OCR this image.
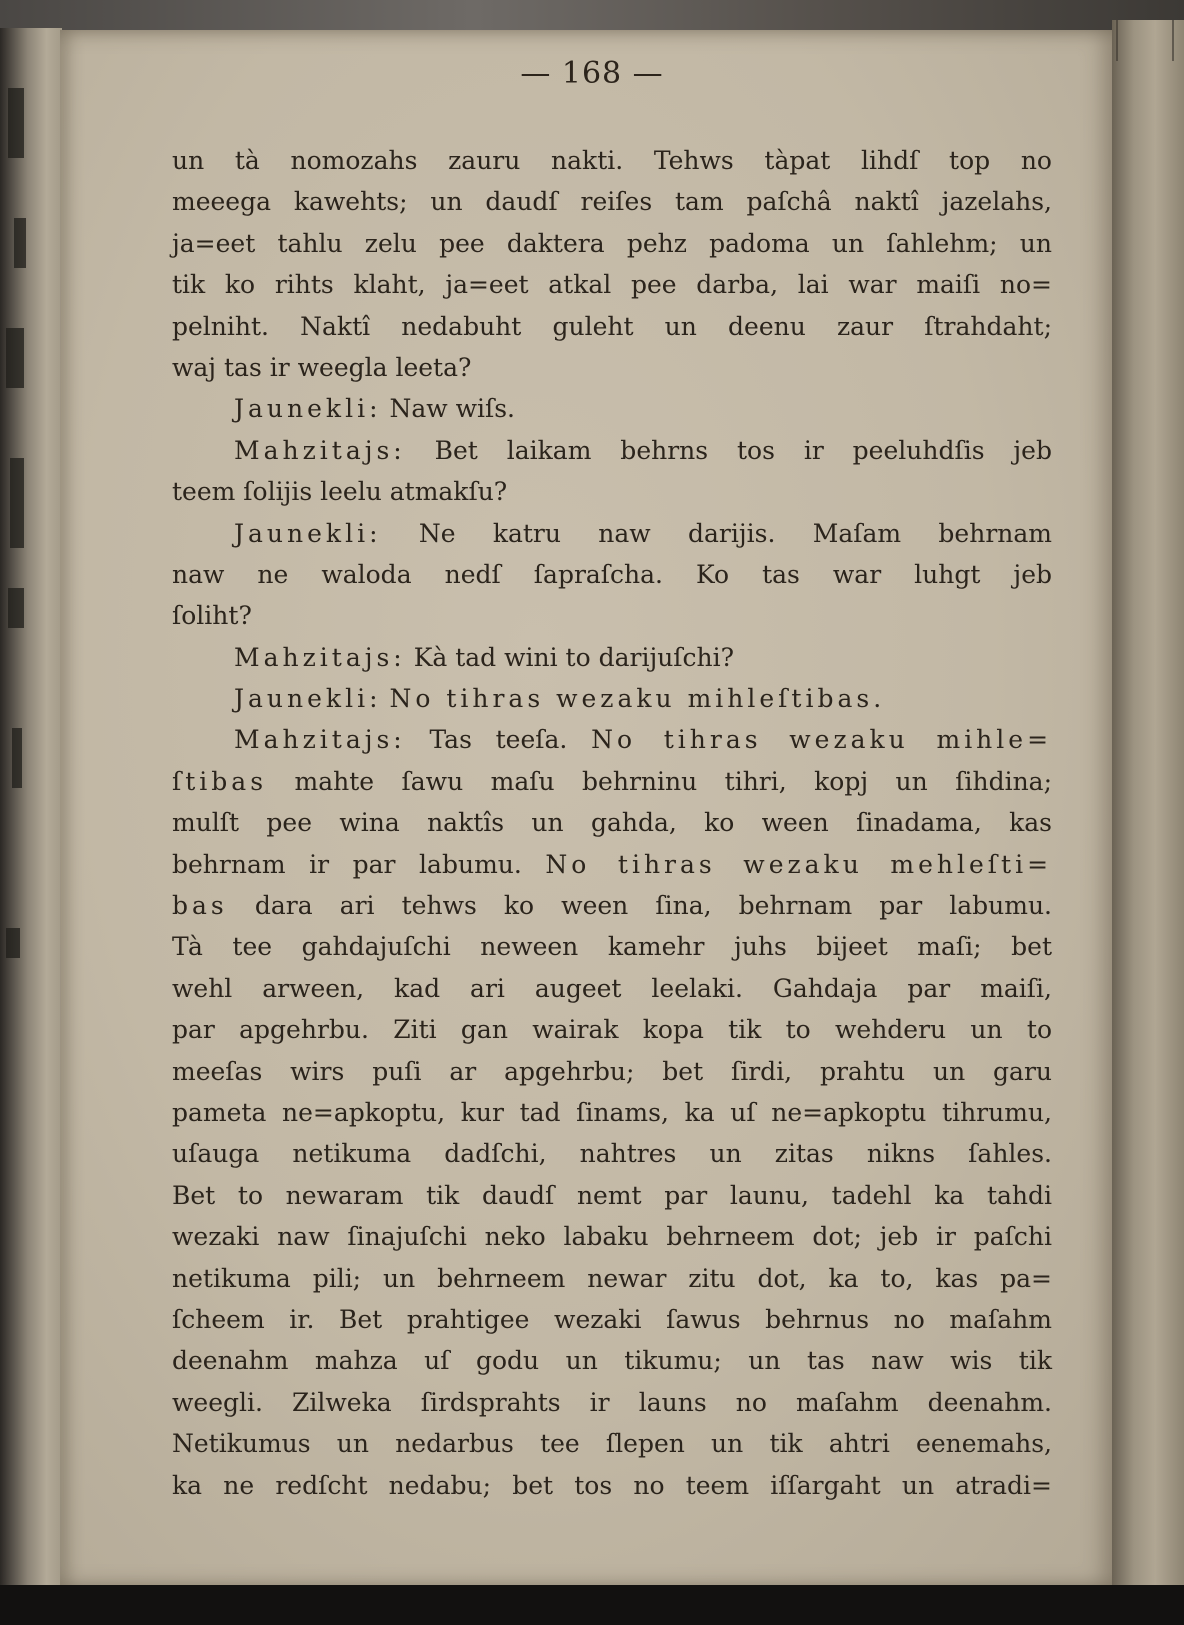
— 168 —
un tà nomozahs zauru nakti. Tehws tàpat lihdſ top no
meeega kawehts; un daudſ reiſes tam paſchâ naktî jazelahs,
ja=eet tahlu zelu pee daktera pehz padoma un ſahlehm; un
tik ko rihts klaht, ja=eet atkal pee darba, lai war maiſi no=
pelniht. Naktî nedabuht guleht un deenu zaur ſtrahdaht;
waj tas ir weegla leeta?
Jaunekli: Naw wiſs.
Mahzitajs: Bet laikam behrns tos ir peeluhdſis jeb
teem ſolijis leelu atmakſu?
Jaunekli: Ne katru naw darijis. Maſam behrnam
naw ne waloda nedſ ſapraſcha. Ko tas war luhgt jeb
ſoliht?
Mahzitajs: Kà tad wini to darijuſchi?
Jaunekli: No tihras wezaku mihleſtibas.
Mahzitajs: Tas teeſa. No tihras wezaku mihle=
ſtibas mahte ſawu maſu behrninu tihri, kopj un ſihdina;
mulſt pee wina naktîs un gahda, ko ween ſinadama, kas
behrnam ir par labumu. No tihras wezaku mehleſti=
bas dara ari tehws ko ween ſina, behrnam par labumu.
Tà tee gahdajuſchi neween kamehr juhs bijeet maſi; bet
wehl arween, kad ari augeet leelaki. Gahdaja par maiſi,
par apgehrbu. Ziti gan wairak kopa tik to wehderu un to
meeſas wirs puſi ar apgehrbu; bet ſirdi, prahtu un garu
pameta ne=apkoptu, kur tad ſinams, ka uſ ne=apkoptu tihrumu,
uſauga netikuma dadſchi, nahtres un zitas nikns ſahles.
Bet to newaram tik daudſ nemt par launu, tadehl ka tahdi
wezaki naw ſinajuſchi neko labaku behrneem dot; jeb ir paſchi
netikuma pili; un behrneem newar zitu dot, ka to, kas pa=
ſcheem ir. Bet prahtigee wezaki ſawus behrnus no maſahm
deenahm mahza uſ godu un tikumu; un tas naw wis tik
weegli. Zilweka ſirdsprahts ir launs no maſahm deenahm.
Netikumus un nedarbus tee ſlepen un tik ahtri eenemahs,
ka ne redſcht nedabu; bet tos no teem iſſargaht un atradi=
